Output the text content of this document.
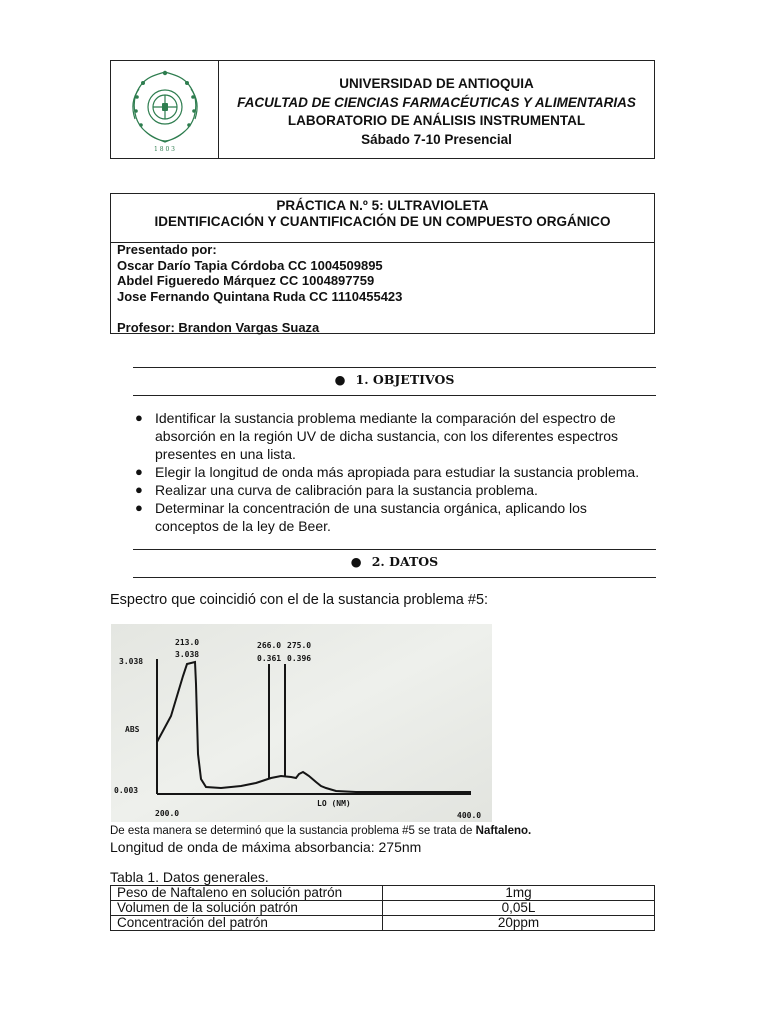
1 8 0 3
UNIVERSIDAD DE ANTIOQUIA
FACULTAD DE CIENCIAS FARMACÉUTICAS Y ALIMENTARIAS
LABORATORIO DE ANÁLISIS INSTRUMENTAL
Sábado 7-10 Presencial
PRÁCTICA N.º 5: ULTRAVIOLETA
IDENTIFICACIÓN Y CUANTIFICACIÓN DE UN COMPUESTO ORGÁNICO
Presentado por:
Oscar Darío Tapia Córdoba CC 1004509895
Abdel Figueredo Márquez CC 1004897759
Jose Fernando Quintana Ruda CC 1110455423
Profesor: Brandon Vargas Suaza
● 1. OBJETIVOS
● Identificar la sustancia problema mediante la comparación del espectro de absorción en la región UV de dicha sustancia, con los diferentes espectros presentes en una lista.
● Elegir la longitud de onda más apropiada para estudiar la sustancia problema.
● Realizar una curva de calibración para la sustancia problema.
● Determinar la concentración de una sustancia orgánica, aplicando los conceptos de la ley de Beer.
● 2. DATOS
Espectro que coincidió con el de la sustancia problema #5:
213.0
3.038
266.0
0.361
275.0
0.396
3.038
ABS
0.003
200.0
LO (NM)
400.0
De esta manera se determinó que la sustancia problema #5 se trata de Naftaleno.
Longitud de onda de máxima absorbancia: 275nm
Tabla 1. Datos generales.
Peso de Naftaleno en solución patrón	1mg
Volumen de la solución patrón	0,05L
Concentración del patrón	20ppm
